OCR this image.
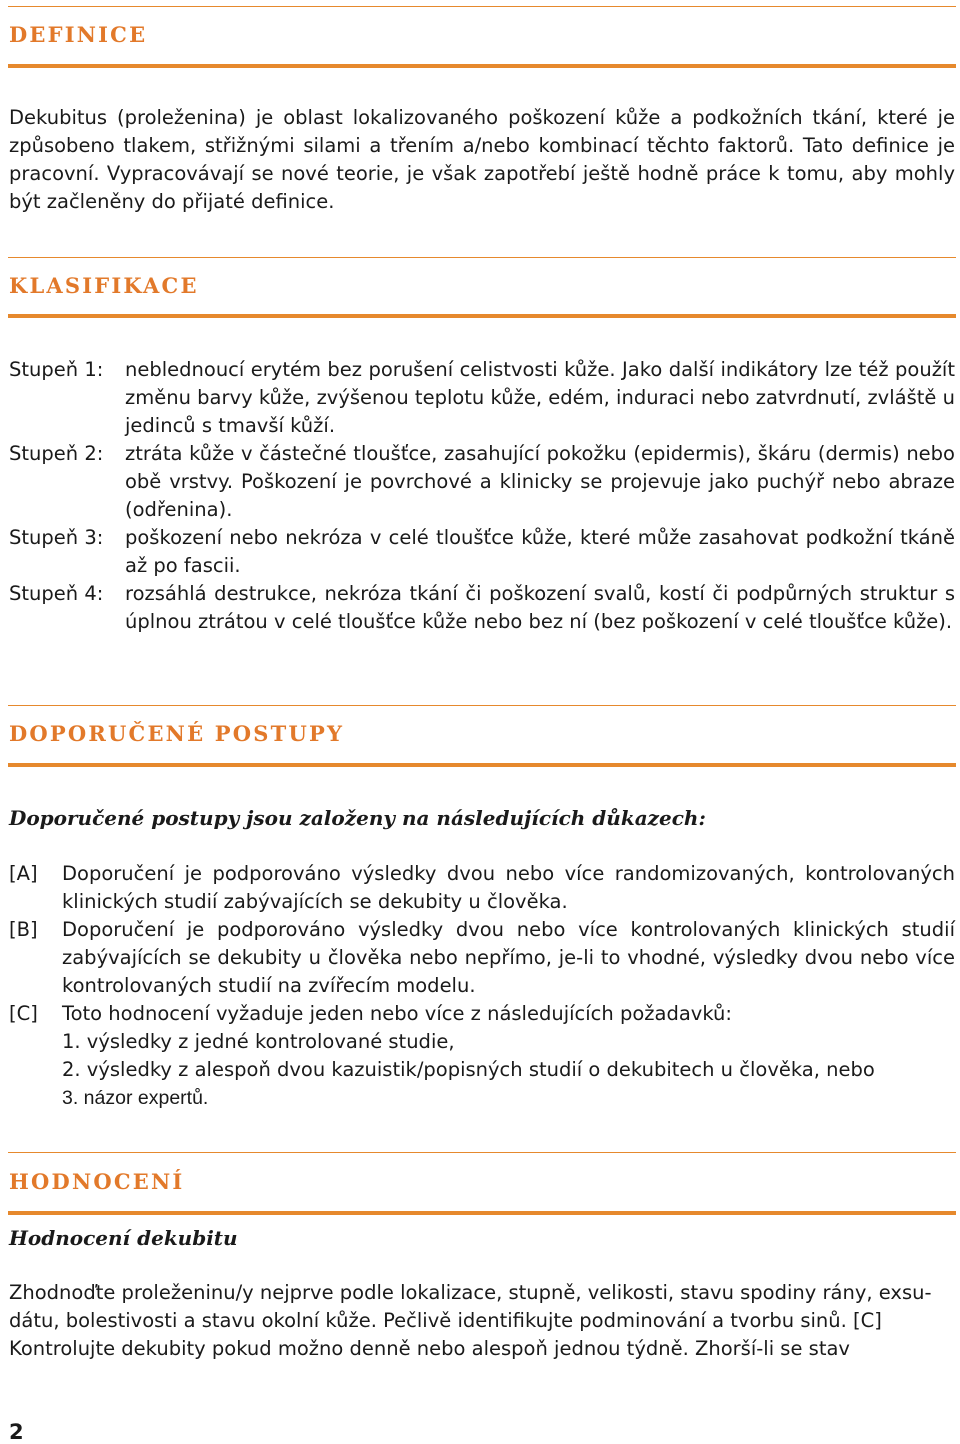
DEFINICE

Dekubitus (proleženina) je oblast lokalizovaného poškození kůže a podkožních tkání, které je způsobeno tlakem, střižnými silami a třením a/nebo kombinací těchto faktorů. Tato definice je pracovní. Vypracovávají se nové teorie, je však zapotřebí ještě hodně práce k tomu, aby mohly být začleněny do přijaté definice.

KLASIFIKACE
Stupeň 1:	neblednoucí erytém bez porušení celistvosti kůže. Jako další indikátory lze též použít změnu barvy kůže, zvýšenou teplotu kůže, edém, induraci nebo zatvrdnutí, zvláště u jedinců s tmavší kůží.
Stupeň 2:	ztráta kůže v částečné tloušťce, zasahující pokožku (epidermis), škáru (dermis) nebo obě vrstvy. Poškození je povrchové a klinicky se projevuje jako puchýř nebo abraze (odřenina).
Stupeň 3:	poškození nebo nekróza v celé tloušťce kůže, které může zasahovat podkožní tkáně až po fascii.
Stupeň 4:	rozsáhlá destrukce, nekróza tkání či poškození svalů, kostí či podpůrných struktur s úplnou ztrátou v celé tloušťce kůže nebo bez ní (bez poškození v celé tloušťce kůže).
DOPORUČENÉ POSTUPY
Doporučené postupy jsou založeny na následujících důkazech:
[A]	Doporučení je podporováno výsledky dvou nebo více randomizovaných, kontrolovaných klinických studií zabývajících se dekubity u člověka.
[B]	Doporučení je podporováno výsledky dvou nebo více kontrolovaných klinických studií zabývajících se dekubity u člověka nebo nepřímo, je-li to vhodné, výsledky dvou nebo více kontrolovaných studií na zvířecím modelu.
[C]	Toto hodnocení vyžaduje jeden nebo více z následujících požadavků:
1. výsledky z jedné kontrolované studie,
2. výsledky z alespoň dvou kazuistik/popisných studií o dekubitech u člověka, nebo
3. názor expertů.
HODNOCENÍ
Hodnocení dekubitu
Zhodnoďte proleženinu/y nejprve podle lokalizace, stupně, velikosti, stavu spodiny rány, exsu-
dátu, bolestivosti a stavu okolní kůže. Pečlivě identifikujte podminování a tvorbu sinů. [C]
Kontrolujte dekubity pokud možno denně nebo alespoň jednou týdně. Zhorší-li se stav
2
